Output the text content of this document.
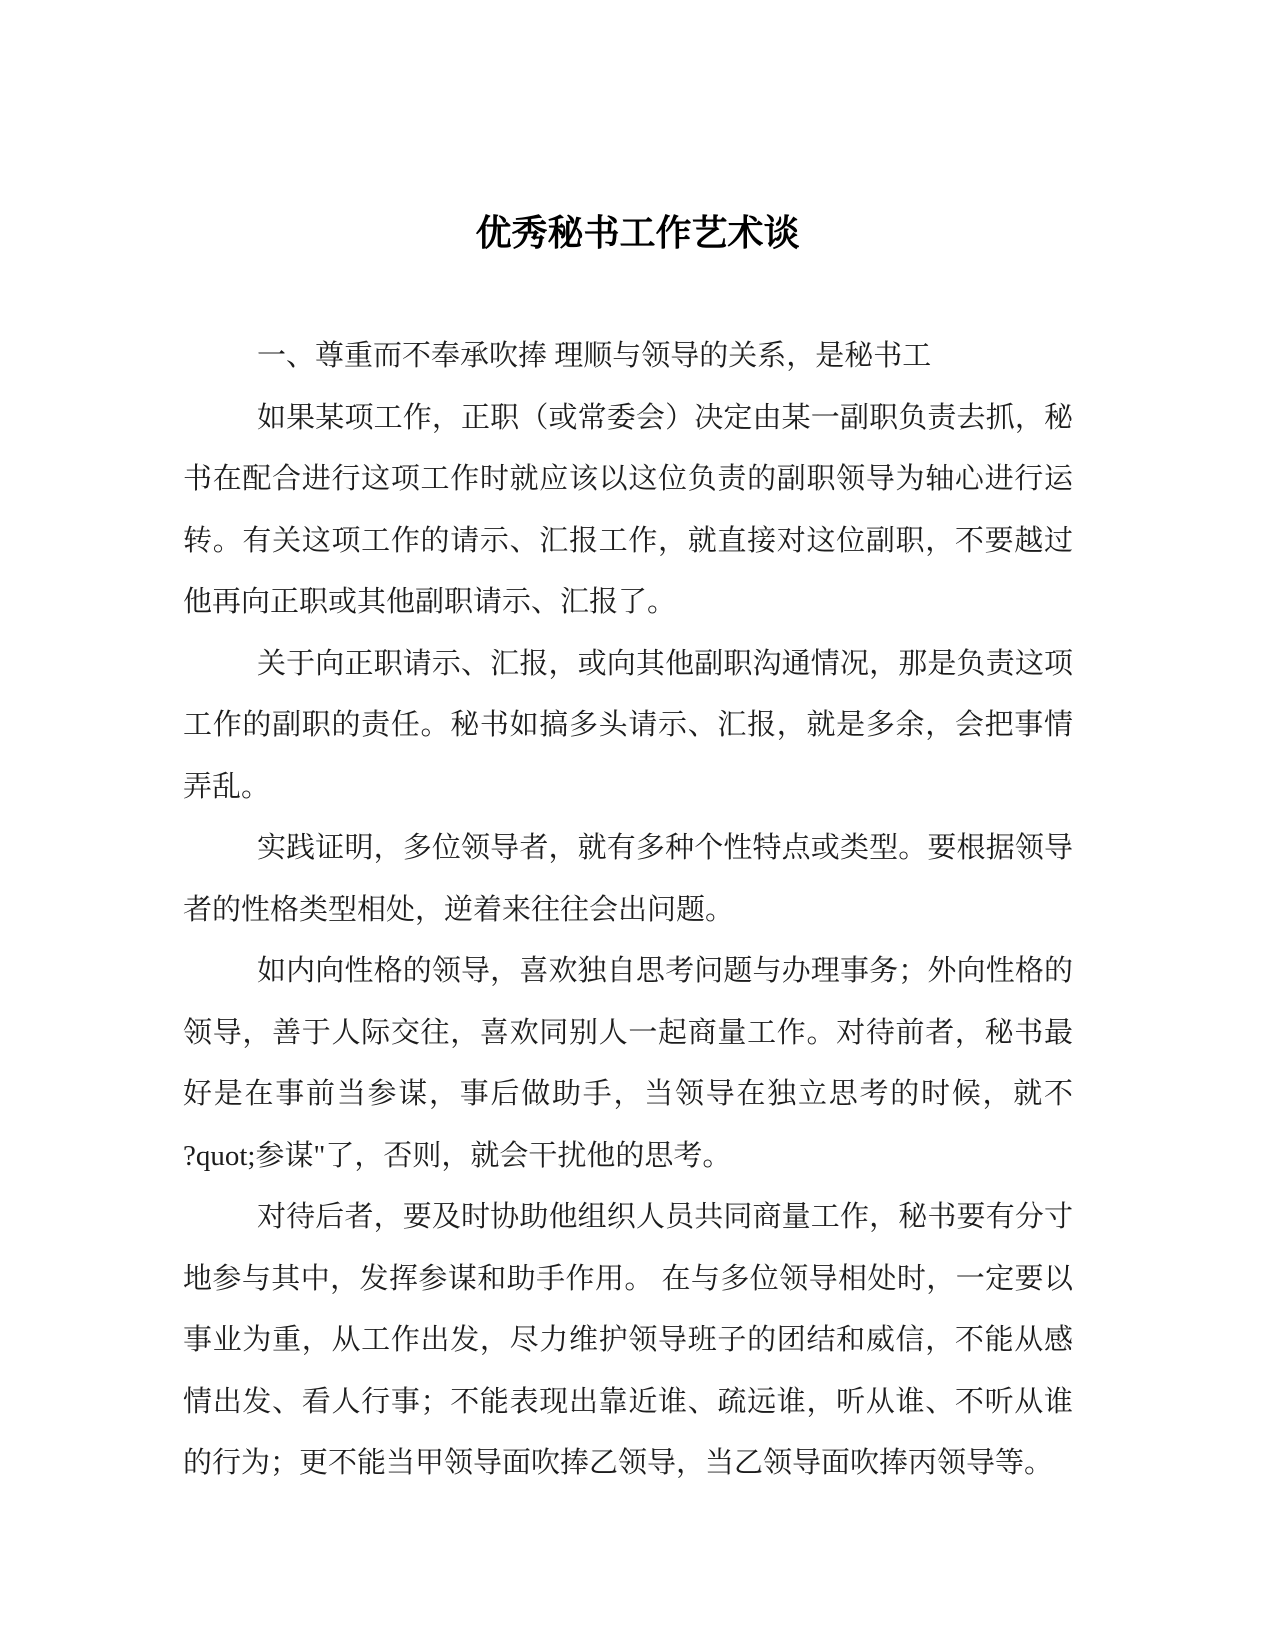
优秀秘书工作艺术谈
一、尊重而不奉承吹捧 理顺与领导的关系，是秘书工
如果某项工作，正职（或常委会）决定由某一副职负责去抓，秘
书在配合进行这项工作时就应该以这位负责的副职领导为轴心进行运
转。有关这项工作的请示、汇报工作，就直接对这位副职，不要越过
他再向正职或其他副职请示、汇报了。
关于向正职请示、汇报，或向其他副职沟通情况，那是负责这项
工作的副职的责任。秘书如搞多头请示、汇报，就是多余，会把事情
弄乱。
实践证明，多位领导者，就有多种个性特点或类型。要根据领导
者的性格类型相处，逆着来往往会出问题。
如内向性格的领导，喜欢独自思考问题与办理事务；外向性格的
领导，善于人际交往，喜欢同别人一起商量工作。对待前者，秘书最
好是在事前当参谋，事后做助手，当领导在独立思考的时候，就不
?quot;参谋"了，否则，就会干扰他的思考。
对待后者，要及时协助他组织人员共同商量工作，秘书要有分寸
地参与其中，发挥参谋和助手作用。 在与多位领导相处时，一定要以
事业为重，从工作出发，尽力维护领导班子的团结和威信，不能从感
情出发、看人行事；不能表现出靠近谁、疏远谁，听从谁、不听从谁
的行为；更不能当甲领导面吹捧乙领导，当乙领导面吹捧丙领导等。
